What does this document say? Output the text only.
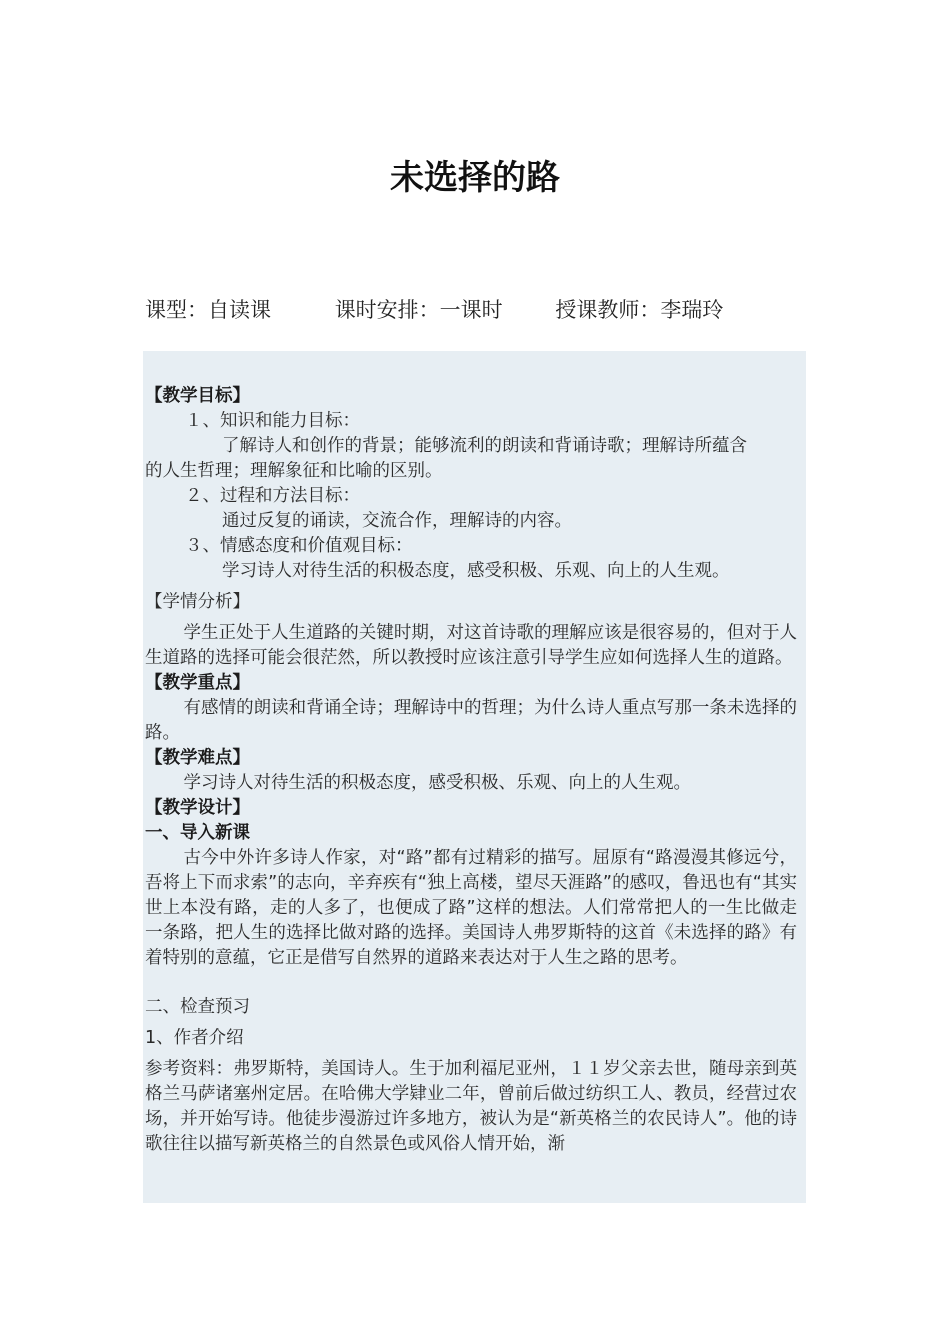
未选择的路
课型：自读课	课时安排：一课时	授课教师：李瑞玲

【教学目标】

１、知识和能力目标：

了解诗人和创作的背景；能够流利的朗读和背诵诗歌；理解诗所蕴含

的人生哲理；理解象征和比喻的区别。

２、过程和方法目标：

通过反复的诵读，交流合作，理解诗的内容。

３、情感态度和价值观目标：

学习诗人对待生活的积极态度，感受积极、乐观、向上的人生观。

【学情分析】

学生正处于人生道路的关键时期，对这首诗歌的理解应该是很容易的，但对于人生道路的选择可能会很茫然，所以教授时应该注意引导学生应如何选择人生的道路。

【教学重点】

有感情的朗读和背诵全诗；理解诗中的哲理；为什么诗人重点写那一条未选择的路。

【教学难点】

学习诗人对待生活的积极态度，感受积极、乐观、向上的人生观。

【教学设计】

一、导入新课

古今中外许多诗人作家，对“路”都有过精彩的描写。屈原有“路漫漫其修远兮，吾将上下而求索”的志向，辛弃疾有“独上高楼，望尽天涯路”的感叹，鲁迅也有“其实世上本没有路，走的人多了，也便成了路”这样的想法。人们常常把人的一生比做走一条路，把人生的选择比做对路的选择。美国诗人弗罗斯特的这首《未选择的路》有着特别的意蕴，它正是借写自然界的道路来表达对于人生之路的思考。

二、检查预习

1、作者介绍

参考资料：弗罗斯特，美国诗人。生于加利福尼亚州，１１岁父亲去世，随母亲到英格兰马萨诸塞州定居。在哈佛大学肄业二年，曾前后做过纺织工人、教员，经营过农场，并开始写诗。他徒步漫游过许多地方，被认为是“新英格兰的农民诗人”。他的诗歌往往以描写新英格兰的自然景色或风俗人情开始，渐
